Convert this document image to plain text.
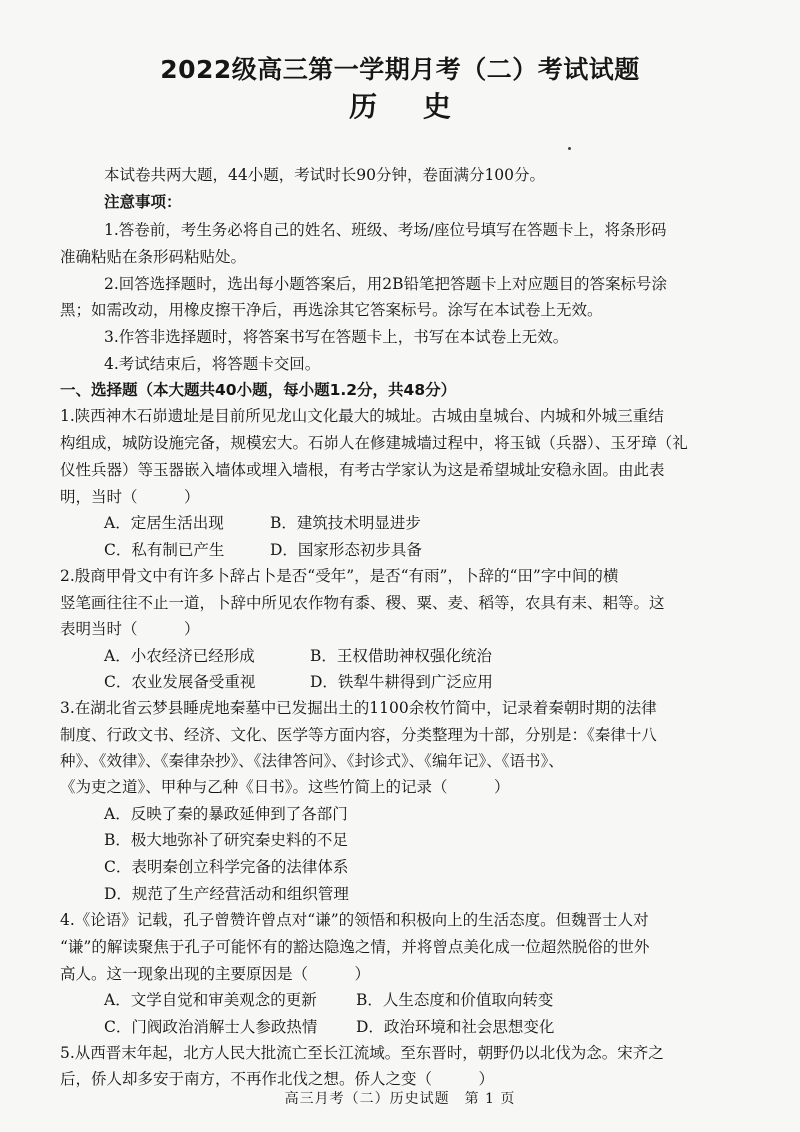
2022级高三第一学期月考（二）考试试题
历 史
本试卷共两大题，44小题，考试时长90分钟，卷面满分100分。
注意事项：
1.答卷前，考生务必将自己的姓名、班级、考场/座位号填写在答题卡上，将条形码
准确粘贴在条形码粘贴处。
2.回答选择题时，选出每小题答案后，用2B铅笔把答题卡上对应题目的答案标号涂
黑；如需改动，用橡皮擦干净后，再选涂其它答案标号。涂写在本试卷上无效。
3.作答非选择题时，将答案书写在答题卡上，书写在本试卷上无效。
4.考试结束后，将答题卡交回。
一、选择题（本大题共40小题，每小题1.2分，共48分）
1.陕西神木石峁遗址是目前所见龙山文化最大的城址。古城由皇城台、内城和外城三重结
构组成，城防设施完备，规模宏大。石峁人在修建城墙过程中，将玉钺（兵器）、玉牙璋（礼
仪性兵器）等玉器嵌入墙体或埋入墙根，有考古学家认为这是希望城址安稳永固。由此表
明，当时（　　　）
A．定居生活出现	B．建筑技术明显进步
C．私有制已产生	D．国家形态初步具备
2.殷商甲骨文中有许多卜辞占卜是否“受年”，是否“有雨”，卜辞的“田”字中间的横
竖笔画往往不止一道，卜辞中所见农作物有黍、稷、粟、麦、稻等，农具有耒、耜等。这
表明当时（　　　）
A．小农经济已经形成	B．王权借助神权强化统治
C．农业发展备受重视	D．铁犁牛耕得到广泛应用
3.在湖北省云梦县睡虎地秦墓中已发掘出土的1100余枚竹简中，记录着秦朝时期的法律
制度、行政文书、经济、文化、医学等方面内容，分类整理为十部，分别是：《秦律十八
种》、《效律》、《秦律杂抄》、《法律答问》、《封诊式》、《编年记》、《语书》、
《为吏之道》、甲种与乙种《日书》。这些竹简上的记录（　　　）
A．反映了秦的暴政延伸到了各部门
B．极大地弥补了研究秦史料的不足
C．表明秦创立科学完备的法律体系
D．规范了生产经营活动和组织管理
4.《论语》记载，孔子曾赞许曾点对“谦”的领悟和积极向上的生活态度。但魏晋士人对
“谦”的解读聚焦于孔子可能怀有的豁达隐逸之情，并将曾点美化成一位超然脱俗的世外
高人。这一现象出现的主要原因是（　　　）
A．文学自觉和审美观念的更新	B．人生态度和价值取向转变
C．门阀政治消解士人参政热情 D．政治环境和社会思想变化
5.从西晋末年起，北方人民大批流亡至长江流域。至东晋时，朝野仍以北伐为念。宋齐之
后，侨人却多安于南方，不再作北伐之想。侨人之变（　　　）
高三月考（二）历史试题　第 1 页
